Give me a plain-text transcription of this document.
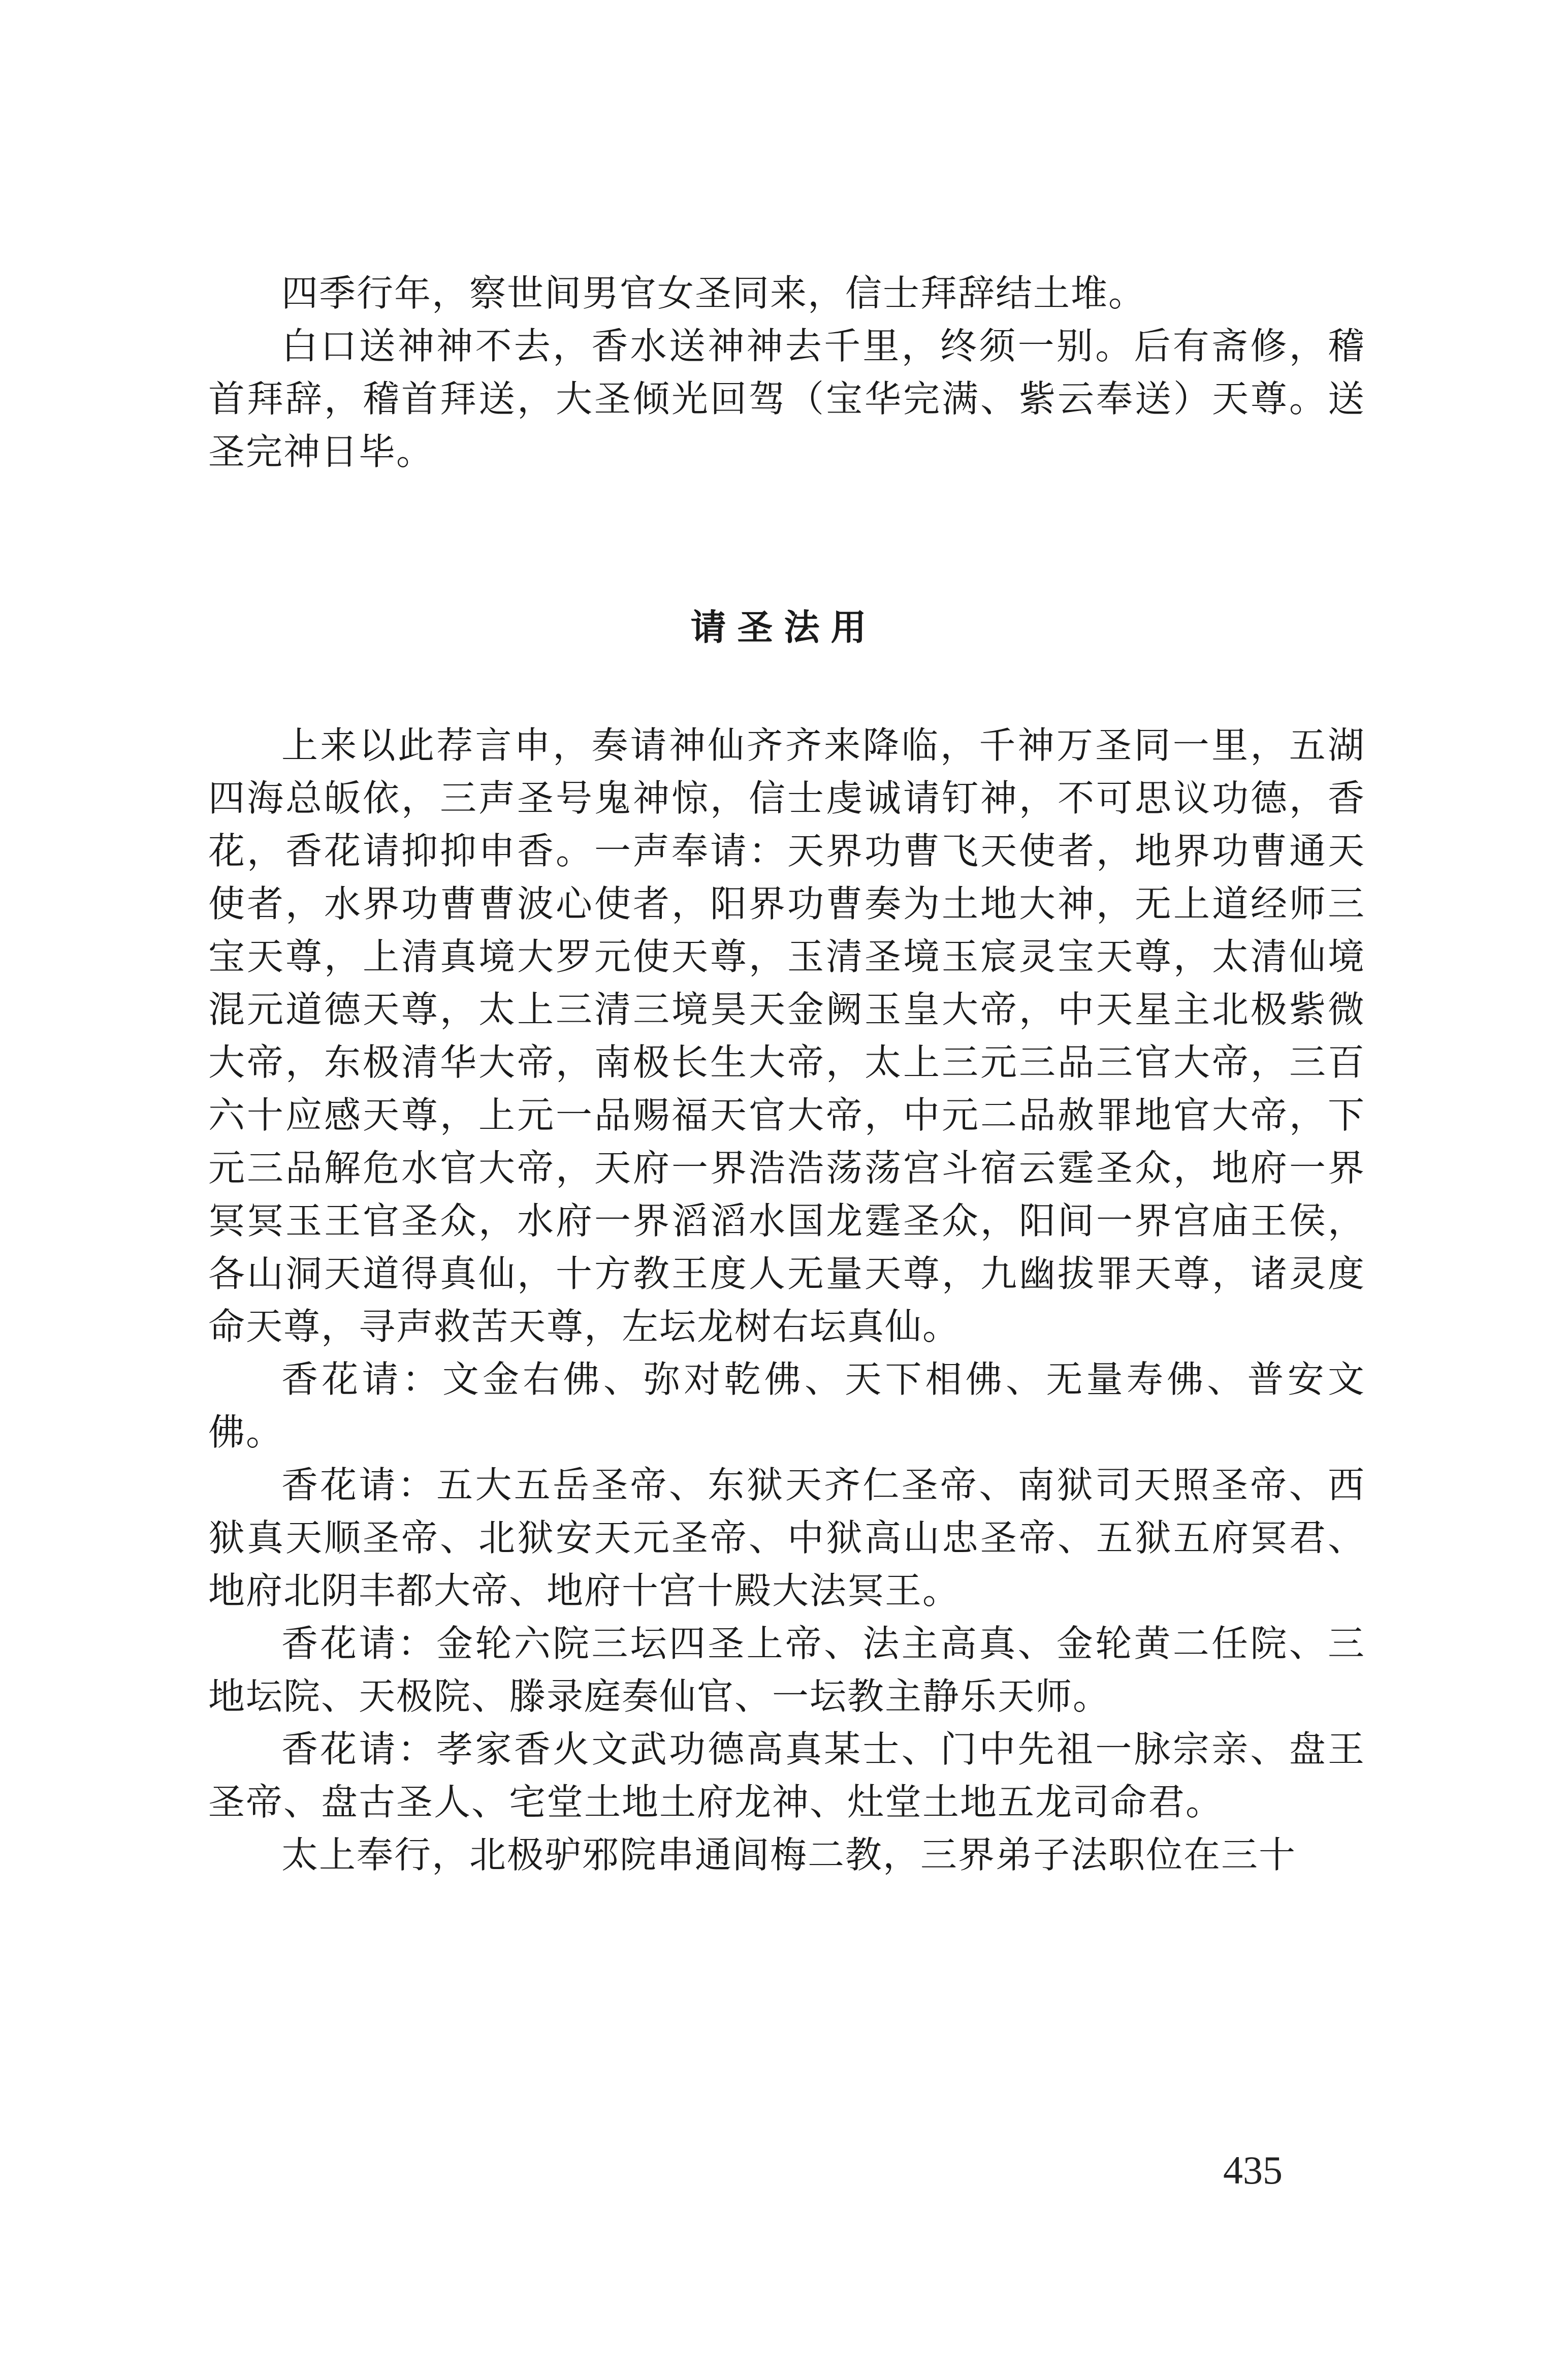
四季行年，察世间男官女圣同来，信士拜辞结土堆。

白口送神神不去，香水送神神去千里，终须一别。后有斋修，稽首拜辞，稽首拜送，大圣倾光回驾（宝华完满、紫云奉送）天尊。送圣完神日毕。

请圣法用

上来以此荐言申，奏请神仙齐齐来降临，千神万圣同一里，五湖四海总皈依，三声圣号鬼神惊，信士虔诚请钉神，不可思议功德，香花，香花请抑抑申香。一声奉请：天界功曹飞天使者，地界功曹通天使者，水界功曹曹波心使者，阳界功曹奏为土地大神，无上道经师三宝天尊，上清真境大罗元使天尊，玉清圣境玉宸灵宝天尊，太清仙境混元道德天尊，太上三清三境昊天金阙玉皇大帝，中天星主北极紫微大帝，东极清华大帝，南极长生大帝，太上三元三品三官大帝，三百六十应感天尊，上元一品赐福天官大帝，中元二品赦罪地官大帝，下元三品解危水官大帝，天府一界浩浩荡荡宫斗宿云霆圣众，地府一界冥冥玉王官圣众，水府一界滔滔水国龙霆圣众，阳间一界宫庙王侯，各山洞天道得真仙，十方教王度人无量天尊，九幽拔罪天尊，诸灵度命天尊，寻声救苦天尊，左坛龙树右坛真仙。

香花请：文金右佛、弥对乾佛、天下相佛、无量寿佛、普安文佛。

香花请：五大五岳圣帝、东狱天齐仁圣帝、南狱司天照圣帝、西狱真天顺圣帝、北狱安天元圣帝、中狱高山忠圣帝、五狱五府冥君、地府北阴丰都大帝、地府十宫十殿大法冥王。

香花请：金轮六院三坛四圣上帝、法主高真、金轮黄二任院、三地坛院、天极院、滕录庭奏仙官、一坛教主静乐天师。

香花请：孝家香火文武功德高真某士、门中先祖一脉宗亲、盘王圣帝、盘古圣人、宅堂土地土府龙神、灶堂土地五龙司命君。

太上奉行，北极驴邪院串通闾梅二教，三界弟子法职位在三十

435
